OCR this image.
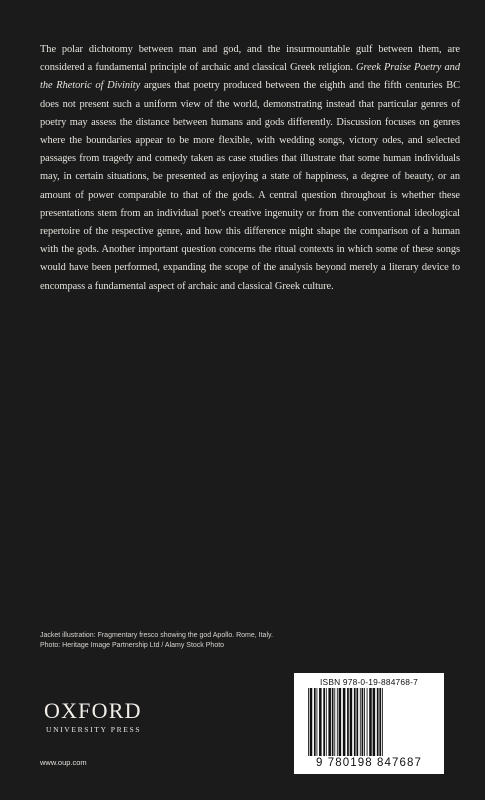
The polar dichotomy between man and god, and the insurmountable gulf between them, are considered a fundamental principle of archaic and classical Greek religion. Greek Praise Poetry and the Rhetoric of Divinity argues that poetry produced between the eighth and the fifth centuries BC does not present such a uniform view of the world, demonstrating instead that particular genres of poetry may assess the distance between humans and gods differently. Discussion focuses on genres where the boundaries appear to be more flexible, with wedding songs, victory odes, and selected passages from tragedy and comedy taken as case studies that illustrate that some human individuals may, in certain situations, be presented as enjoying a state of happiness, a degree of beauty, or an amount of power comparable to that of the gods. A central question throughout is whether these presentations stem from an individual poet's creative ingenuity or from the conventional ideological repertoire of the respective genre, and how this difference might shape the comparison of a human with the gods. Another important question concerns the ritual contexts in which some of these songs would have been performed, expanding the scope of the analysis beyond merely a literary device to encompass a fundamental aspect of archaic and classical Greek culture.
Jacket illustration: Fragmentary fresco showing the god Apollo. Rome, Italy. Photo: Heritage Image Partnership Ltd / Alamy Stock Photo
OXFORD
UNIVERSITY PRESS
www.oup.com
ISBN 978-0-19-884768-7
9 780198 847687
